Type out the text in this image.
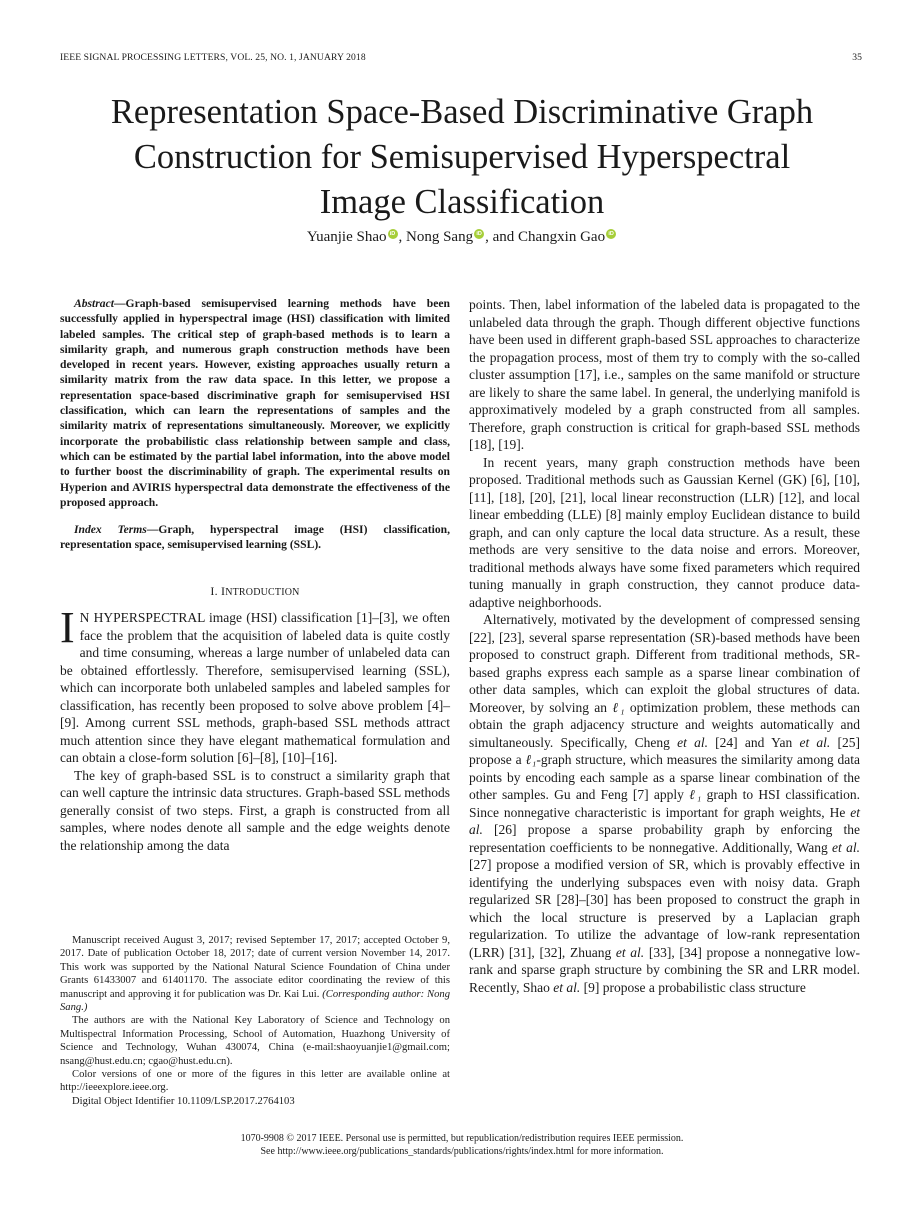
IEEE SIGNAL PROCESSING LETTERS, VOL. 25, NO. 1, JANUARY 2018	35
Representation Space-Based Discriminative Graph
Construction for Semisupervised Hyperspectral
Image Classification
Yuanjie Shao iD , Nong Sang iD , and Changxin Gao iD

Abstract—Graph-based semisupervised learning methods have been successfully applied in hyperspectral image (HSI) classification with limited labeled samples. The critical step of graph-based methods is to learn a similarity graph, and numerous graph construction methods have been developed in recent years. However, existing approaches usually return a similarity matrix from the raw data space. In this letter, we propose a representation space-based discriminative graph for semisupervised HSI classification, which can learn the representations of samples and the similarity matrix of representations simultaneously. Moreover, we explicitly incorporate the probabilistic class relationship between sample and class, which can be estimated by the partial label information, into the above model to further boost the discriminability of graph. The experimental results on Hyperion and AVIRIS hyperspectral data demonstrate the effectiveness of the proposed approach.

Index Terms—Graph, hyperspectral image (HSI) classification, representation space, semisupervised learning (SSL).

I. INTRODUCTION

I N HYPERSPECTRAL image (HSI) classification [1]–[3], we often face the problem that the acquisition of labeled data is quite costly and time consuming, whereas a large number of unlabeled data can be obtained effortlessly. Therefore, semisupervised learning (SSL), which can incorporate both unlabeled samples and labeled samples for classification, has recently been proposed to solve above problem [4]–[9]. Among current SSL methods, graph-based SSL methods attract much attention since they have elegant mathematical formulation and can obtain a close-form solution [6]–[8], [10]–[16].

The key of graph-based SSL is to construct a similarity graph that can well capture the intrinsic data structures. Graph-based SSL methods generally consist of two steps. First, a graph is constructed from all samples, where nodes denote all sample and the edge weights denote the relationship among the data

Manuscript received August 3, 2017; revised September 17, 2017; accepted October 9, 2017. Date of publication October 18, 2017; date of current version November 14, 2017. This work was supported by the National Natural Science Foundation of China under Grants 61433007 and 61401170. The associate editor coordinating the review of this manuscript and approving it for publication was Dr. Kai Lui. (Corresponding author: Nong Sang.)

The authors are with the National Key Laboratory of Science and Technology on Multispectral Information Processing, School of Automation, Huazhong University of Science and Technology, Wuhan 430074, China (e-mail:shaoyuanjie1@gmail.com; nsang@hust.edu.cn; cgao@hust.edu.cn).

Color versions of one or more of the figures in this letter are available online at http://ieeexplore.ieee.org.

Digital Object Identifier 10.1109/LSP.2017.2764103

points. Then, label information of the labeled data is propagated to the unlabeled data through the graph. Though different objective functions have been used in different graph-based SSL approaches to characterize the propagation process, most of them try to comply with the so-called cluster assumption [17], i.e., samples on the same manifold or structure are likely to share the same label. In general, the underlying manifold is approximatively modeled by a graph constructed from all samples. Therefore, graph construction is critical for graph-based SSL methods [18], [19].

In recent years, many graph construction methods have been proposed. Traditional methods such as Gaussian Kernel (GK) [6], [10], [11], [18], [20], [21], local linear reconstruction (LLR) [12], and local linear embedding (LLE) [8] mainly employ Euclidean distance to build graph, and can only capture the local data structure. As a result, these methods are very sensitive to the data noise and errors. Moreover, traditional methods always have some fixed parameters which required tuning manually in graph construction, they cannot produce data-adaptive neighborhoods.

Alternatively, motivated by the development of compressed sensing [22], [23], several sparse representation (SR)-based methods have been proposed to construct graph. Different from traditional methods, SR-based graphs express each sample as a sparse linear combination of other data samples, which can exploit the global structures of data. Moreover, by solving an ℓ₁ optimization problem, these methods can obtain the graph adjacency structure and weights automatically and simultaneously. Specifically, Cheng et al. [24] and Yan et al. [25] propose a ℓ₁-graph structure, which measures the similarity among data points by encoding each sample as a sparse linear combination of the other samples. Gu and Feng [7] apply ℓ₁ graph to HSI classification. Since nonnegative characteristic is important for graph weights, He et al. [26] propose a sparse probability graph by enforcing the representation coefficients to be nonnegative. Additionally, Wang et al. [27] propose a modified version of SR, which is provably effective in identifying the underlying subspaces even with noisy data. Graph regularized SR [28]–[30] has been proposed to construct the graph in which the local structure is preserved by a Laplacian graph regularization. To utilize the advantage of low-rank representation (LRR) [31], [32], Zhuang et al. [33], [34] propose a nonnegative low-rank and sparse graph structure by combining the SR and LRR model. Recently, Shao et al. [9] propose a probabilistic class structure

1070-9908 © 2017 IEEE. Personal use is permitted, but republication/redistribution requires IEEE permission.
See http://www.ieee.org/publications_standards/publications/rights/index.html for more information.
